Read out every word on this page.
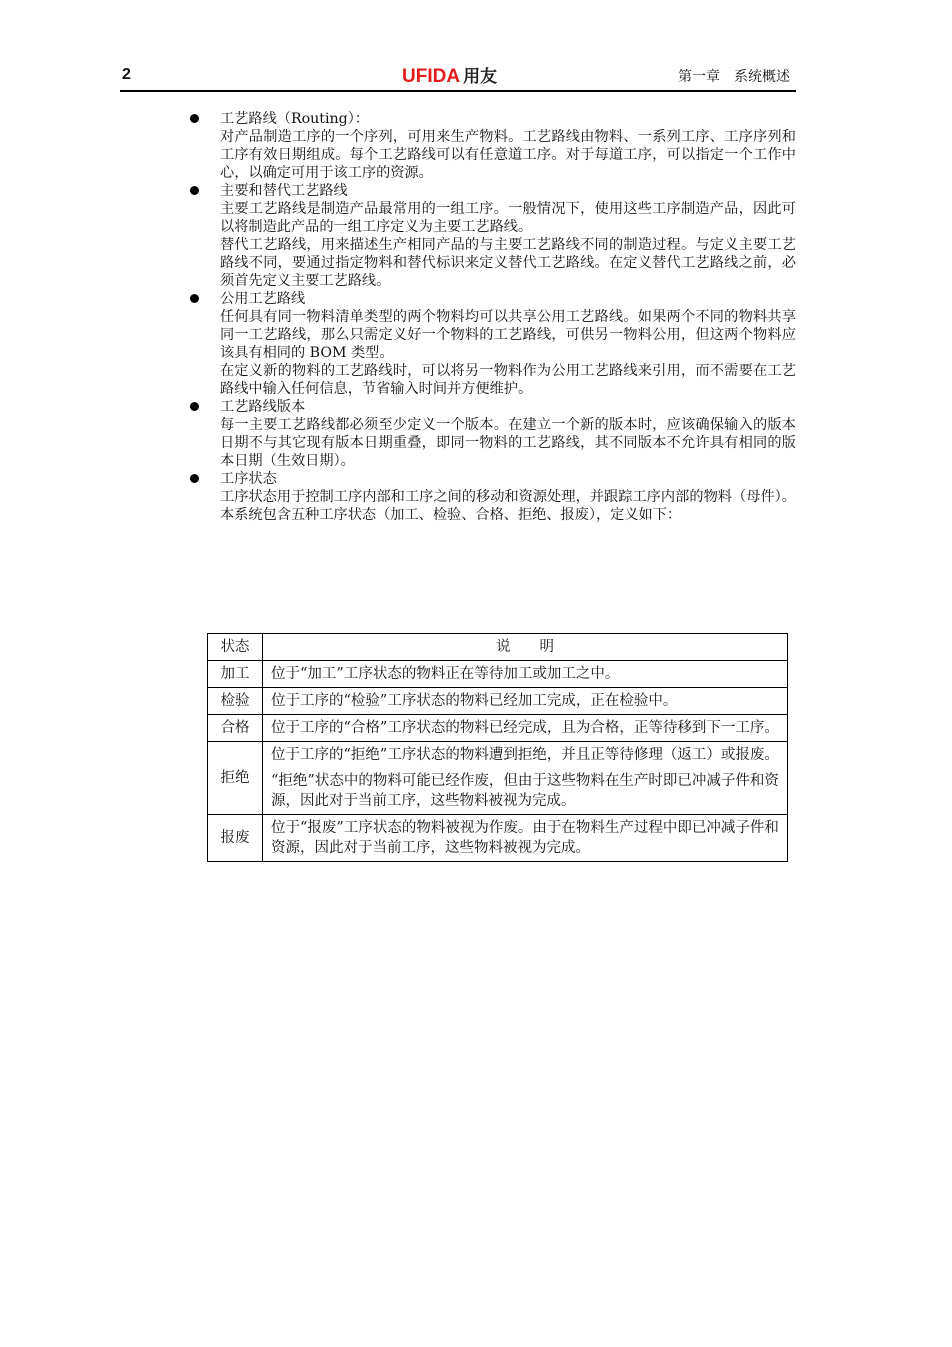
2	UFIDA 用友	第一章　系统概述
工艺路线（Routing）：
对产品制造工序的一个序列，可用来生产物料。工艺路线由物料、一系列工序、工序序列和工序有效日期组成。每个工艺路线可以有任意道工序。对于每道工序，可以指定一个工作中心，以确定可用于该工序的资源。
主要和替代工艺路线
主要工艺路线是制造产品最常用的一组工序。一般情况下，使用这些工序制造产品，因此可以将制造此产品的一组工序定义为主要工艺路线。
替代工艺路线，用来描述生产相同产品的与主要工艺路线不同的制造过程。与定义主要工艺路线不同，要通过指定物料和替代标识来定义替代工艺路线。在定义替代工艺路线之前，必须首先定义主要工艺路线。
公用工艺路线
任何具有同一物料清单类型的两个物料均可以共享公用工艺路线。如果两个不同的物料共享同一工艺路线，那么只需定义好一个物料的工艺路线，可供另一物料公用，但这两个物料应该具有相同的 BOM 类型。
在定义新的物料的工艺路线时，可以将另一物料作为公用工艺路线来引用，而不需要在工艺路线中输入任何信息，节省输入时间并方便维护。
工艺路线版本
每一主要工艺路线都必须至少定义一个版本。在建立一个新的版本时，应该确保输入的版本日期不与其它现有版本日期重叠，即同一物料的工艺路线，其不同版本不允许具有相同的版本日期（生效日期）。
工序状态
工序状态用于控制工序内部和工序之间的移动和资源处理，并跟踪工序内部的物料（母件）。本系统包含五种工序状态（加工、检验、合格、拒绝、报废），定义如下：
状态	说　　明
加工	位于“加工”工序状态的物料正在等待加工或加工之中。

检验	位于工序的“检验”工序状态的物料已经加工完成，正在检验中。

合格	位于工序的“合格”工序状态的物料已经完成，且为合格，正等待移到下一工序。

拒绝	位于工序的“拒绝”工序状态的物料遭到拒绝，并且正等待修理（返工）或报废。
“拒绝”状态中的物料可能已经作废，但由于这些物料在生产时即已冲减子件和资源，因此对于当前工序，这些物料被视为完成。

报废	位于“报废”工序状态的物料被视为作废。由于在物料生产过程中即已冲减子件和资源，因此对于当前工序，这些物料被视为完成。
